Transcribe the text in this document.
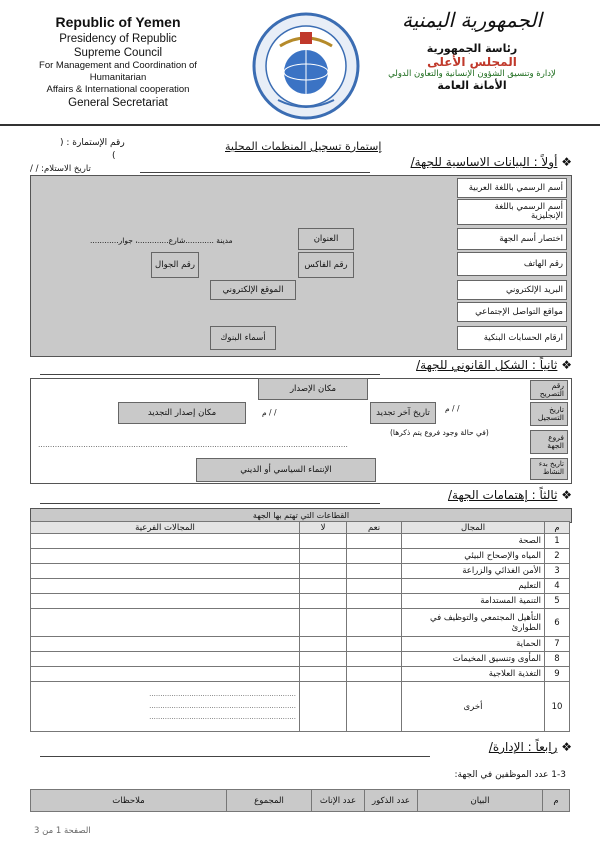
Republic of Yemen
Presidency of Republic
Supreme Council
For Management and Coordination of
Humanitarian
Affairs & International cooperation
General Secretariat
الجمهورية اليمنية
رئاسة الجمهورية
المجلس الأعلى
لإدارة وتنسيق الشؤون الإنسانية والتعاون الدولي
الأمانة العامة
رقم الإستمارة : (
)
تاريخ الاستلام: / /
إستمارة تسجيل المنظمات المحلية
❖ أولاً : البيانات الاساسية للجهة/
أسم الرسمي باللغة العربية
أسم الرسمي باللغة الإنجليزية
اختصار أسم الجهة
العنوان
مدينة ............شارع.............، جوار............
رقم الهاتف
رقم الجوال	رقم الفاكس
البريد الإلكتروني
الموقع الإلكتروني
مواقع التواصل الإجتماعي
ارقام الحسابات البنكية
أسماء البنوك
❖ ثانياً : الشكل القانوني للجهة/
رقم التصريح
مكان الإصدار
تاريخ التسجيل
/ / م
تاريخ آخر تجديد
/ / م
مكان إصدار التجديد
فروع الجهة
(في حالة وجود فروع يتم ذكرها)
..................................................................................................................................
تاريخ بدء النشاط
الإنتماء السياسي أو الديني
❖ ثالثاً : إهتمامات الجهة/
القطاعات التي تهتم بها الجهة
م	المجال	نعم	لا	المجالات الفرعية
1	الصحة			
2	المياه والإصحاح البيئي			
3	الأمن الغذائي والزراعة			
4	التعليم			
5	التنمية المستدامة			
6	التأهيل المجتمعي والتوظيف في الطوارئ			
7	الحماية			
8	المأوى وتنسيق المخيمات			
9	التغذية العلاجية			
10	أخرى			..................................................................
..................................................................
..................................................................
❖ رابعاً : الإدارة/
1-3 عدد الموظفين في الجهة:
م	البيان	عدد الذكور	عدد الإناث	المجموع	ملاحظات
الصفحة 1 من 3
